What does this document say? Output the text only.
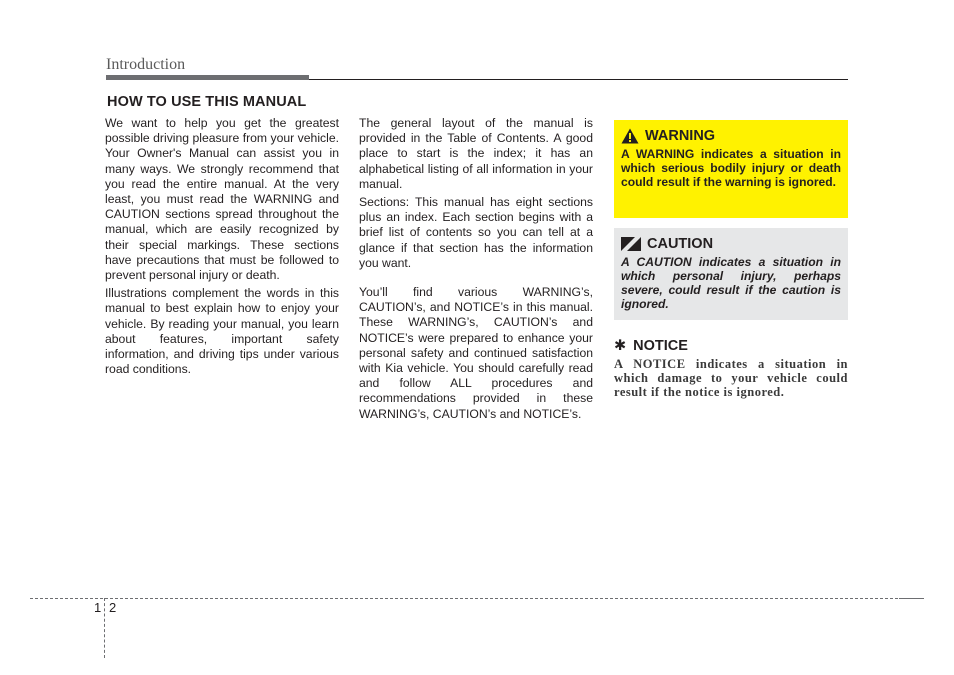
Introduction
HOW TO USE THIS MANUAL

We want to help you get the greatest possible driving pleasure from your vehicle. Your Owner's Manual can assist you in many ways. We strongly recommend that you read the entire manual. At the very least, you must read the WARNING and CAUTION sections spread throughout the manual, which are easily recognized by their special markings. These sections have precautions that must be followed to prevent personal injury or death.

Illustrations complement the words in this manual to best explain how to enjoy your vehicle. By reading your manual, you learn about features, important safety information, and driving tips under various road conditions.

The general layout of the manual is provided in the Table of Contents. A good place to start is the index; it has an alphabetical listing of all information in your manual.

Sections: This manual has eight sections plus an index. Each section begins with a brief list of contents so you can tell at a glance if that section has the information you want.

You’ll find various WARNING’s, CAUTION’s, and NOTICE’s in this manual. These WARNING’s, CAUTION’s and NOTICE’s were prepared to enhance your personal safety and continued satisfaction with Kia vehicle. You should carefully read and follow ALL procedures and recommendations provided in these WARNING’s, CAUTION’s and NOTICE’s.

WARNING
A WARNING indicates a situation in which serious bodily injury or death could result if the warning is ignored.
CAUTION
A CAUTION indicates a situation in which personal injury, perhaps severe, could result if the caution is ignored.
✱ NOTICE
A NOTICE indicates a situation in which damage to your vehicle could result if the notice is ignored.
1 2
